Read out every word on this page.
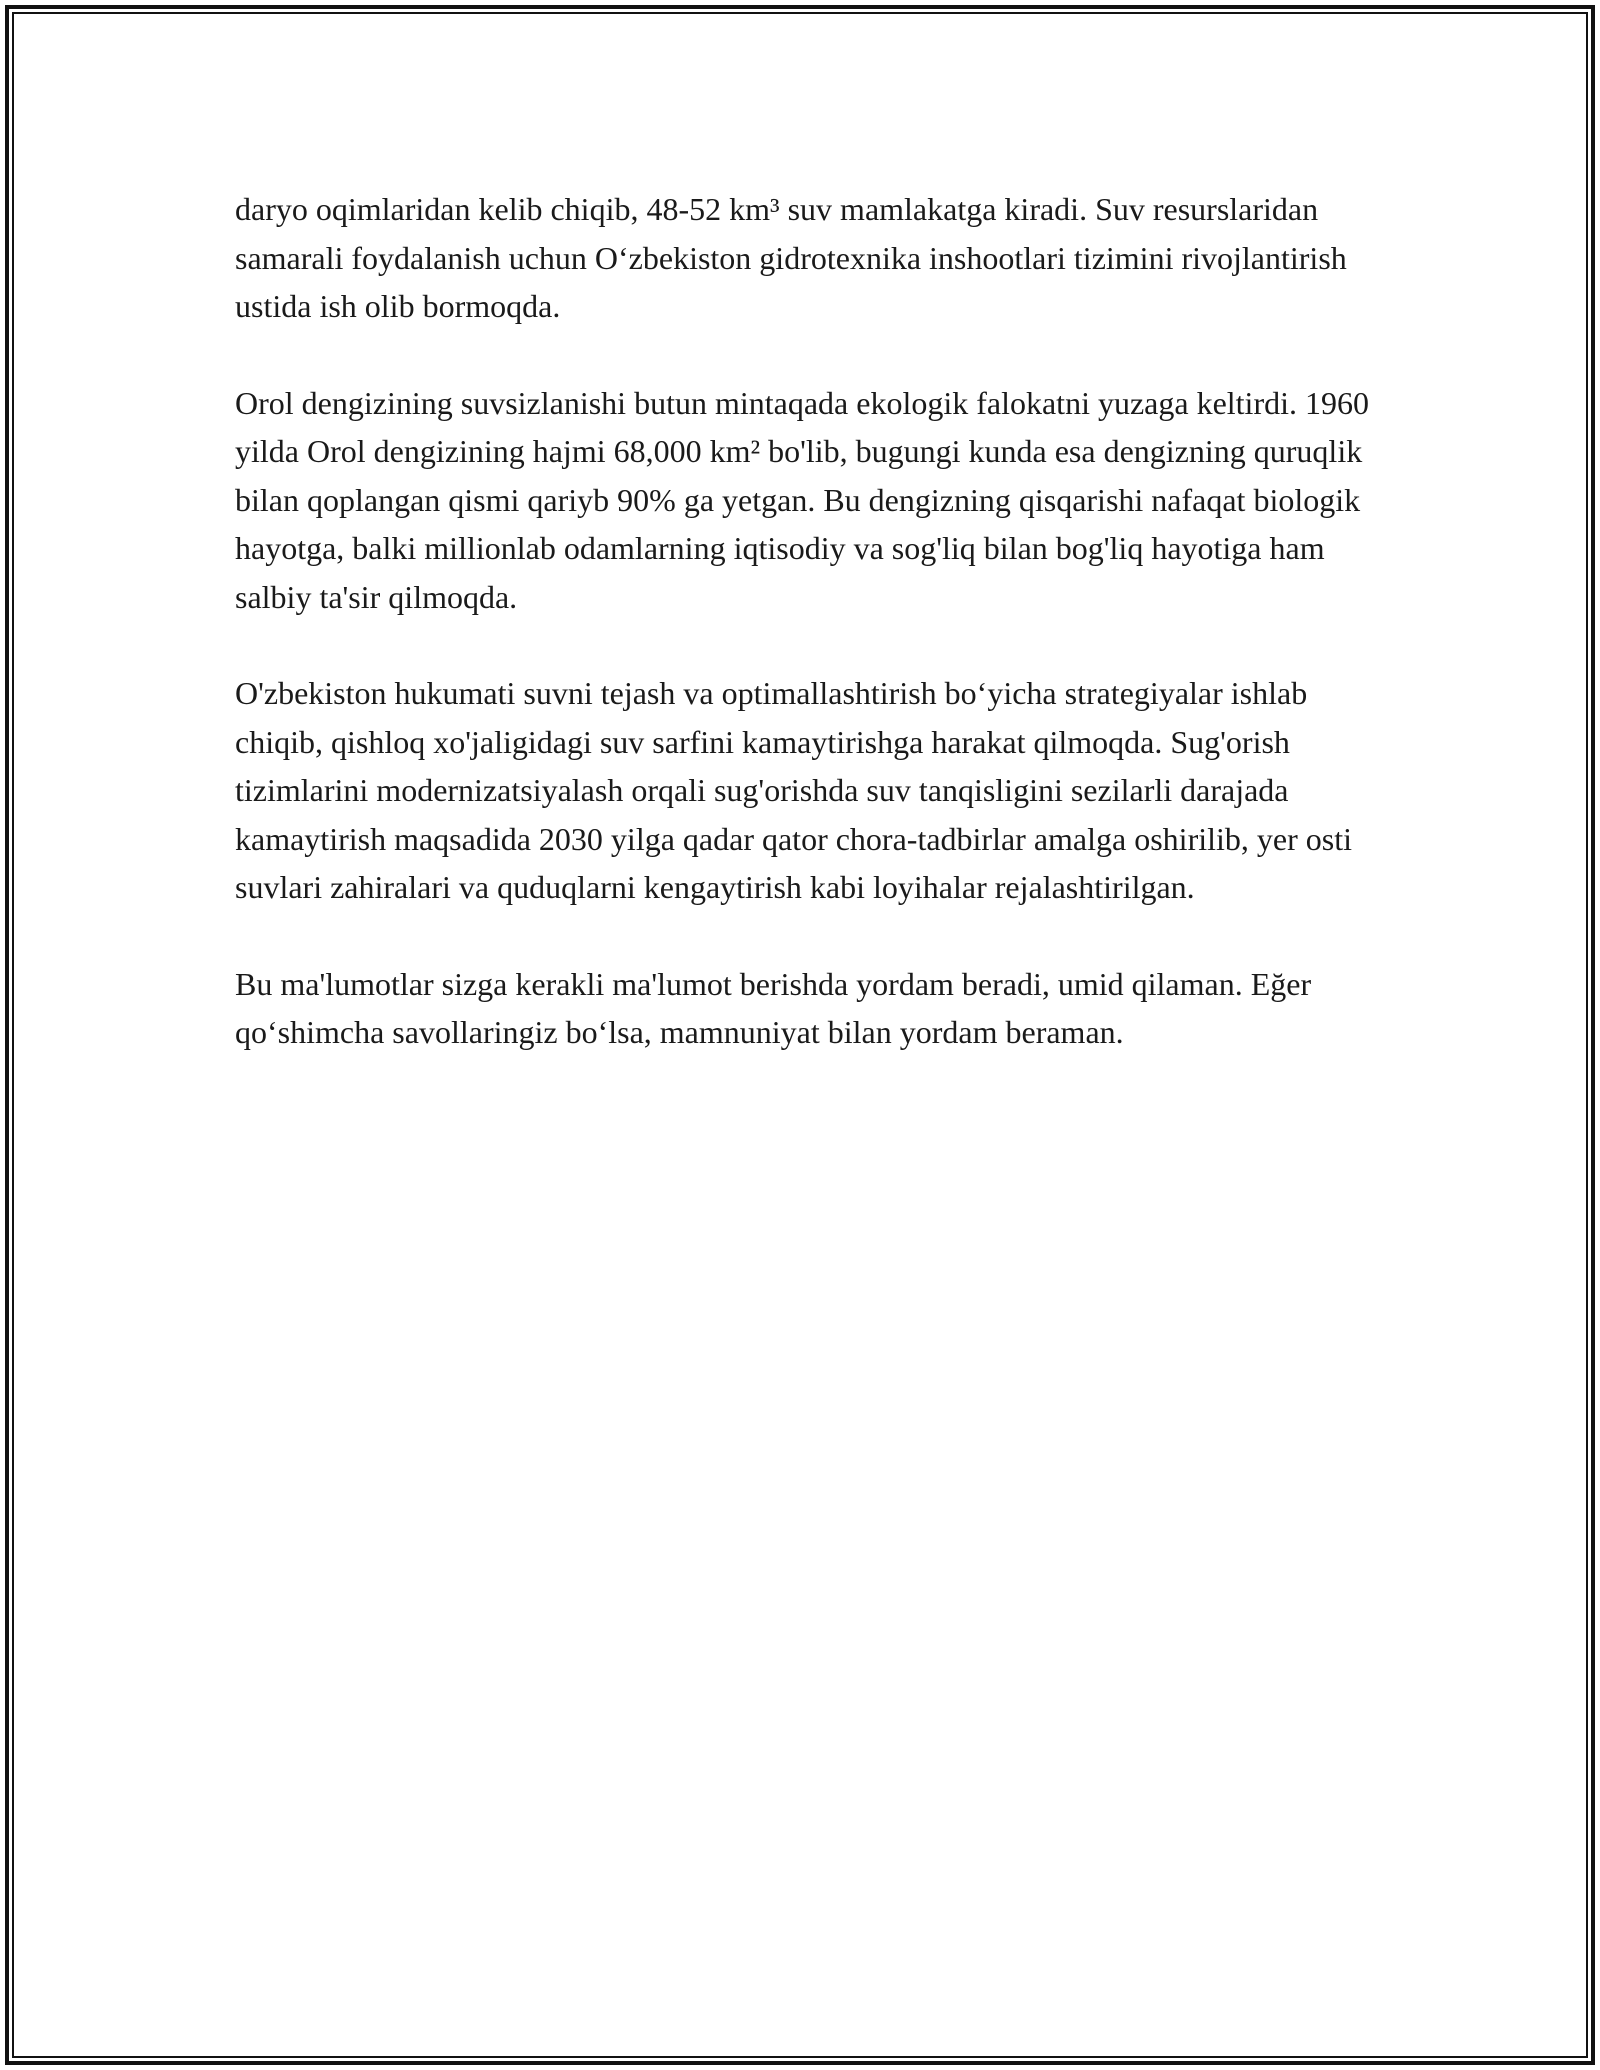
daryo oqimlaridan kelib chiqib, 48-52 km³ suv mamlakatga kiradi. Suv resurslaridan samarali foydalanish uchun O‘zbekiston gidrotexnika inshootlari tizimini rivojlantirish ustida ish olib bormoqda.

Orol dengizining suvsizlanishi butun mintaqada ekologik falokatni yuzaga keltirdi. 1960 yilda Orol dengizining hajmi 68,000 km² bo'lib, bugungi kunda esa dengizning quruqlik bilan qoplangan qismi qariyb 90% ga yetgan. Bu dengizning qisqarishi nafaqat biologik hayotga, balki millionlab odamlarning iqtisodiy va sog'liq bilan bog'liq hayotiga ham salbiy ta'sir qilmoqda.

O'zbekiston hukumati suvni tejash va optimallashtirish bo‘yicha strategiyalar ishlab chiqib, qishloq xo'jaligidagi suv sarfini kamaytirishga harakat qilmoqda. Sug'orish tizimlarini modernizatsiyalash orqali sug'orishda suv tanqisligini sezilarli darajada kamaytirish maqsadida 2030 yilga qadar qator chora-tadbirlar amalga oshirilib, yer osti suvlari zahiralari va quduqlarni kengaytirish kabi loyihalar rejalashtirilgan.

Bu ma'lumotlar sizga kerakli ma'lumot berishda yordam beradi, umid qilaman. Eğer qo‘shimcha savollaringiz bo‘lsa, mamnuniyat bilan yordam beraman.
